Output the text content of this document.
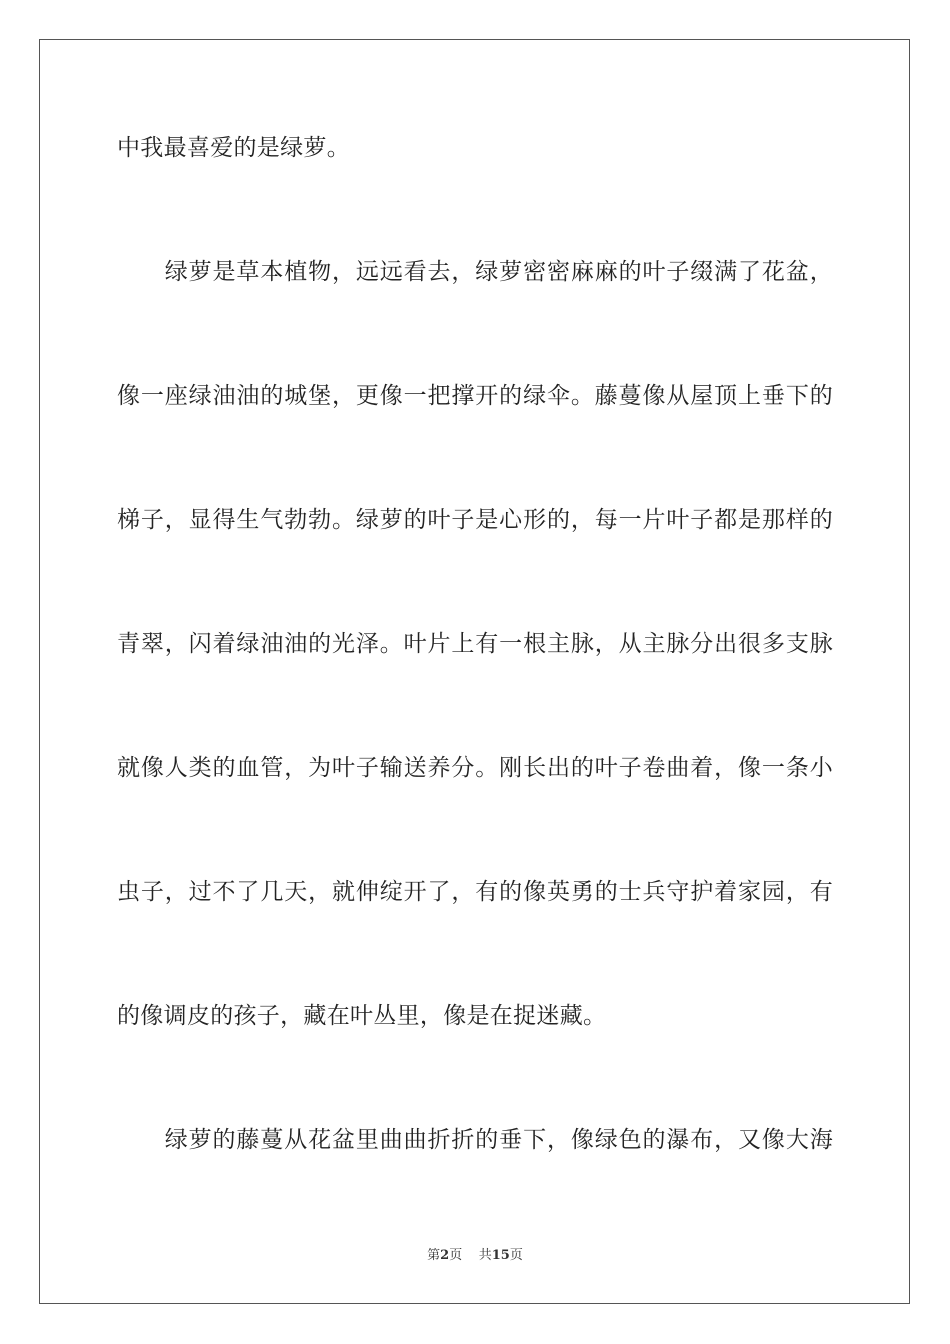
中我最喜爱的是绿萝。
　　绿萝是草本植物，远远看去，绿萝密密麻麻的叶子缀满了花盆，
像一座绿油油的城堡，更像一把撑开的绿伞。藤蔓像从屋顶上垂下的
梯子，显得生气勃勃。绿萝的叶子是心形的，每一片叶子都是那样的
青翠，闪着绿油油的光泽。叶片上有一根主脉，从主脉分出很多支脉
就像人类的血管，为叶子输送养分。刚长出的叶子卷曲着，像一条小
虫子，过不了几天，就伸绽开了，有的像英勇的士兵守护着家园，有
的像调皮的孩子，藏在叶丛里，像是在捉迷藏。
　　绿萝的藤蔓从花盆里曲曲折折的垂下，像绿色的瀑布，又像大海
第2页 共15页
